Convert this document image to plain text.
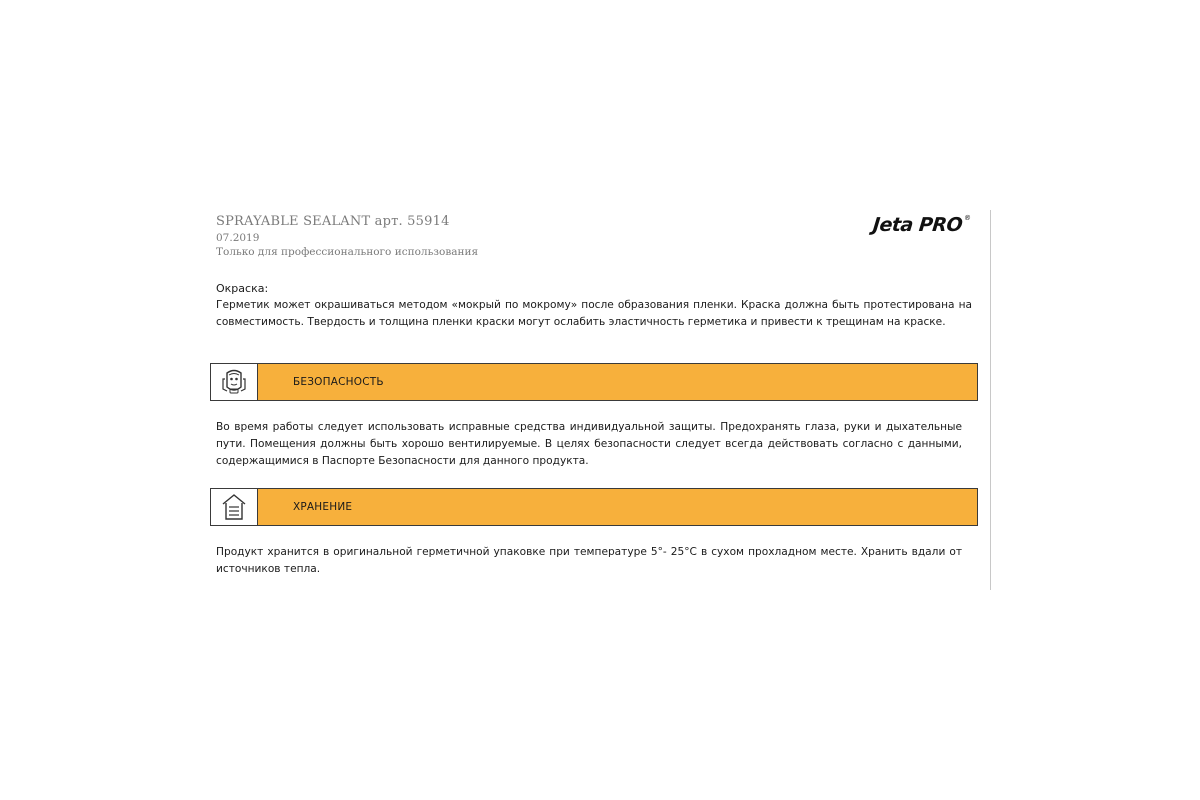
SPRAYABLE SEALANT арт. 55914
07.2019
Только для профессионального использования
Jeta PRO®
Окраска:
Герметик может окрашиваться методом «мокрый по мокрому» после образования пленки. Краска должна быть протестирована на совместимость. Твердость и толщина пленки краски могут ослабить эластичность герметика и привести к трещинам на краске.
БЕЗОПАСНОСТЬ
Во время работы следует использовать исправные средства индивидуальной защиты. Предохранять глаза, руки и дыхательные пути. Помещения должны быть хорошо вентилируемые. В целях безопасности следует всегда действовать согласно с данными, содержащимися в Паспорте Безопасности для данного продукта.
ХРАНЕНИЕ
Продукт хранится в оригинальной герметичной упаковке при температуре 5°- 25°С в сухом прохладном месте. Хранить вдали от источников тепла.
